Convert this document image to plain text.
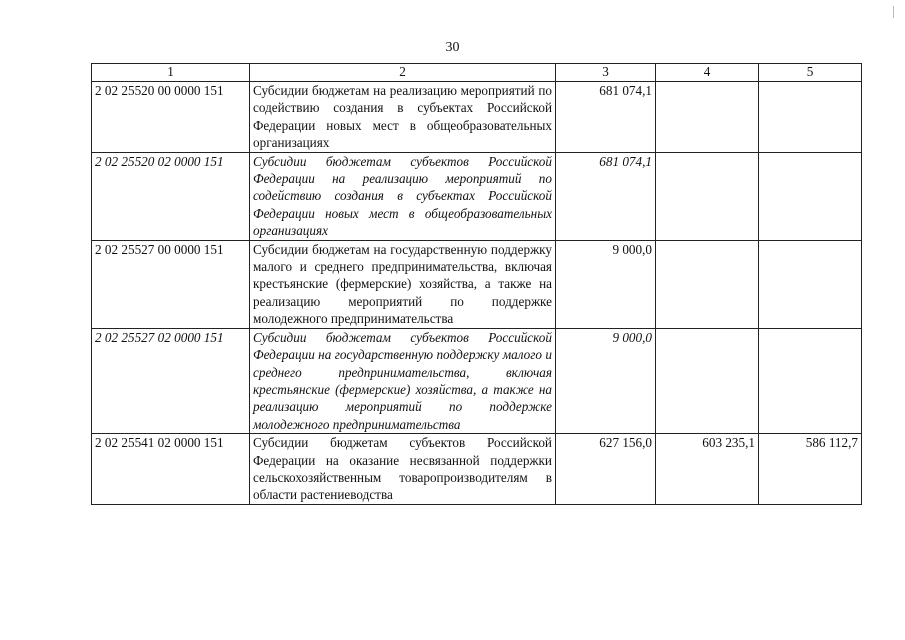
30
1	2	3	4	5
2 02 25520 00 0000 151	Субсидии бюджетам на реализацию мероприятий по содействию создания в субъектах Российской Федерации новых мест в общеобразовательных организациях	681 074,1		
2 02 25520 02 0000 151	Субсидии бюджетам субъектов Российской Федерации на реализацию мероприятий по содействию создания в субъектах Российской Федерации новых мест в общеобразовательных организациях	681 074,1		
2 02 25527 00 0000 151	Субсидии бюджетам на государственную поддержку малого и среднего предпринимательства, включая крестьянские (фермерские) хозяйства, а также на реализацию мероприятий по поддержке молодежного предпринимательства	9 000,0		
2 02 25527 02 0000 151	Субсидии бюджетам субъектов Российской Федерации на государственную поддержку малого и среднего предпринимательства, включая крестьянские (фермерские) хозяйства, а также на реализацию мероприятий по поддержке молодежного предпринимательства	9 000,0		
2 02 25541 02 0000 151	Субсидии бюджетам субъектов Российской Федерации на оказание несвязанной поддержки сельскохозяйственным товаропроизводителям в области растениеводства	627 156,0	603 235,1	586 112,7
